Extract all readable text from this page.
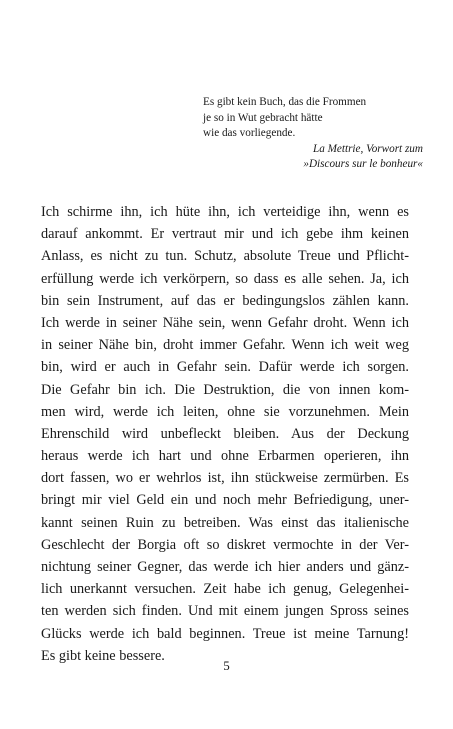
Es gibt kein Buch, das die Frommen
je so in Wut gebracht hätte
wie das vorliegende.
La Mettrie, Vorwort zum
»Discours sur le bonheur«
Ich schirme ihn, ich hüte ihn, ich verteidige ihn, wenn es
darauf ankommt. Er vertraut mir und ich gebe ihm keinen
Anlass, es nicht zu tun. Schutz, absolute Treue und Pflicht-
erfüllung werde ich verkörpern, so dass es alle sehen. Ja, ich
bin sein Instrument, auf das er bedingungslos zählen kann.
Ich werde in seiner Nähe sein, wenn Gefahr droht. Wenn ich
in seiner Nähe bin, droht immer Gefahr. Wenn ich weit weg
bin, wird er auch in Gefahr sein. Dafür werde ich sorgen.
Die Gefahr bin ich. Die Destruktion, die von innen kom-
men wird, werde ich leiten, ohne sie vorzunehmen. Mein
Ehrenschild wird unbefleckt bleiben. Aus der Deckung
heraus werde ich hart und ohne Erbarmen operieren, ihn
dort fassen, wo er wehrlos ist, ihn stückweise zermürben. Es
bringt mir viel Geld ein und noch mehr Befriedigung, uner-
kannt seinen Ruin zu betreiben. Was einst das italienische
Geschlecht der Borgia oft so diskret vermochte in der Ver-
nichtung seiner Gegner, das werde ich hier anders und gänz-
lich unerkannt versuchen. Zeit habe ich genug, Gelegenhei-
ten werden sich finden. Und mit einem jungen Spross seines
Glücks werde ich bald beginnen. Treue ist meine Tarnung!
Es gibt keine bessere.
5
